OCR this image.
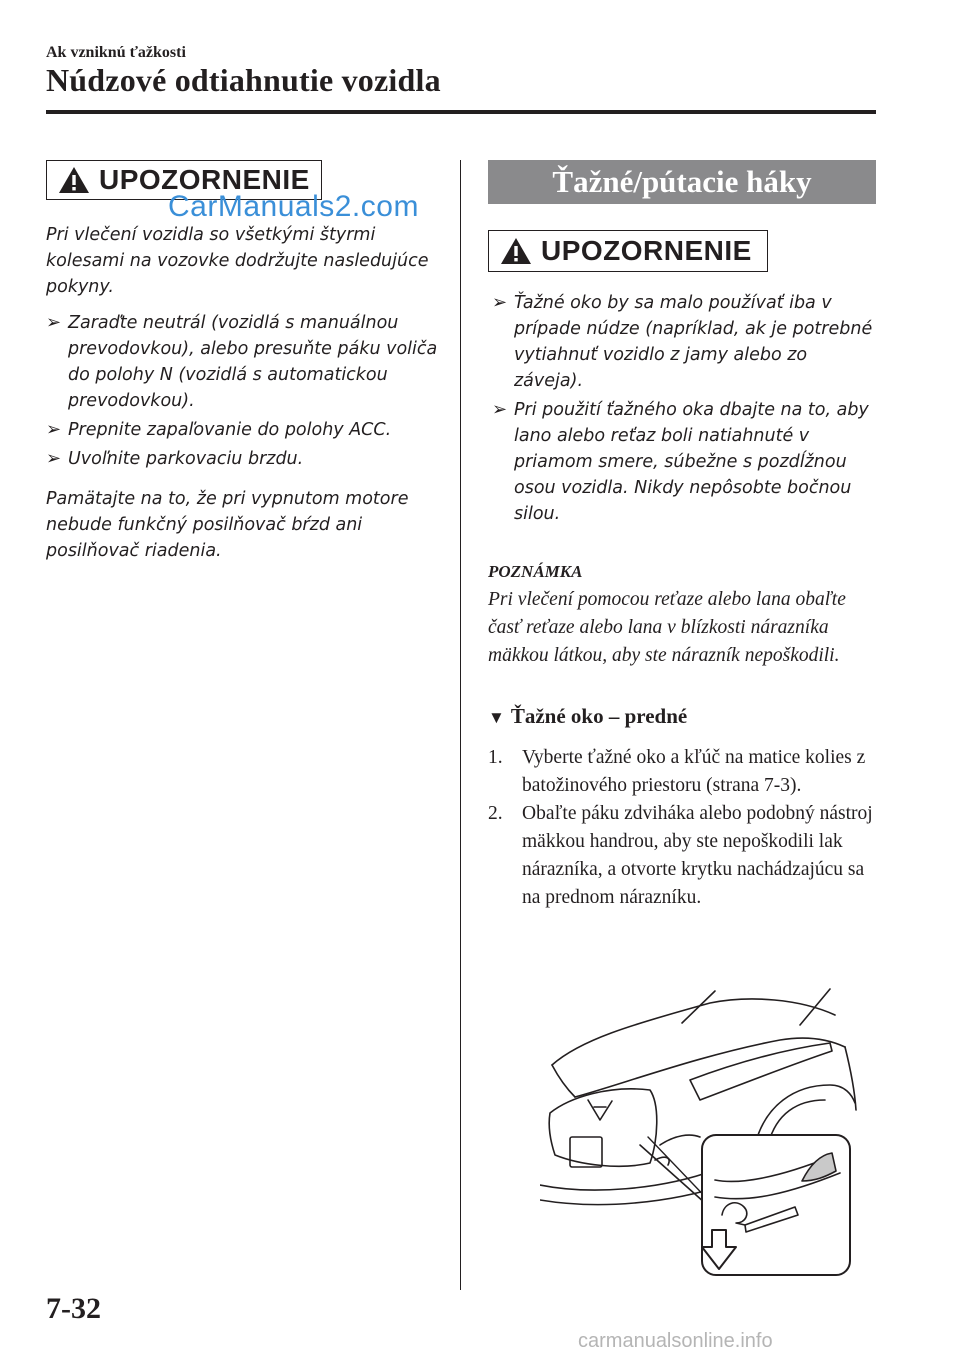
Ak vzniknú ťažkosti
Núdzové odtiahnutie vozidla
UPOZORNENIE
CarManuals2.com

Pri vlečení vozidla so všetkými štyrmi kolesami na vozovke dodržujte nasledujúce pokyny.

➢ Zaraďte neutrál (vozidlá s manuálnou prevodovkou), alebo presuňte páku voliča do polohy N (vozidlá s automatickou prevodovkou).
➢ Prepnite zapaľovanie do polohy ACC.
➢ Uvoľnite parkovaciu brzdu.

Pamätajte na to, že pri vypnutom motore nebude funkčný posilňovač bŕzd ani posilňovač riadenia.

Ťažné/pútacie háky
UPOZORNENIE
➢ Ťažné oko by sa malo používať iba v prípade núdze (napríklad, ak je potrebné vytiahnuť vozidlo z jamy alebo zo záveja).
➢ Pri použití ťažného oka dbajte na to, aby lano alebo reťaz boli natiahnuté v priamom smere, súbežne s pozdĺžnou osou vozidla. Nikdy nepôsobte bočnou silou.
POZNÁMKA
Pri vlečení pomocou reťaze alebo lana obaľte časť reťaze alebo lana v blízkosti nárazníka mäkkou látkou, aby ste nárazník nepoškodili.
▼ Ťažné oko – predné
1. Vyberte ťažné oko a kľúč na matice kolies z batožinového priestoru (strana 7-3).
2. Obaľte páku zdviháka alebo podobný nástroj mäkkou handrou, aby ste nepoškodili lak nárazníka, a otvorte krytku nachádzajúcu sa na prednom nárazníku.
7-32
carmanualsonline.info
